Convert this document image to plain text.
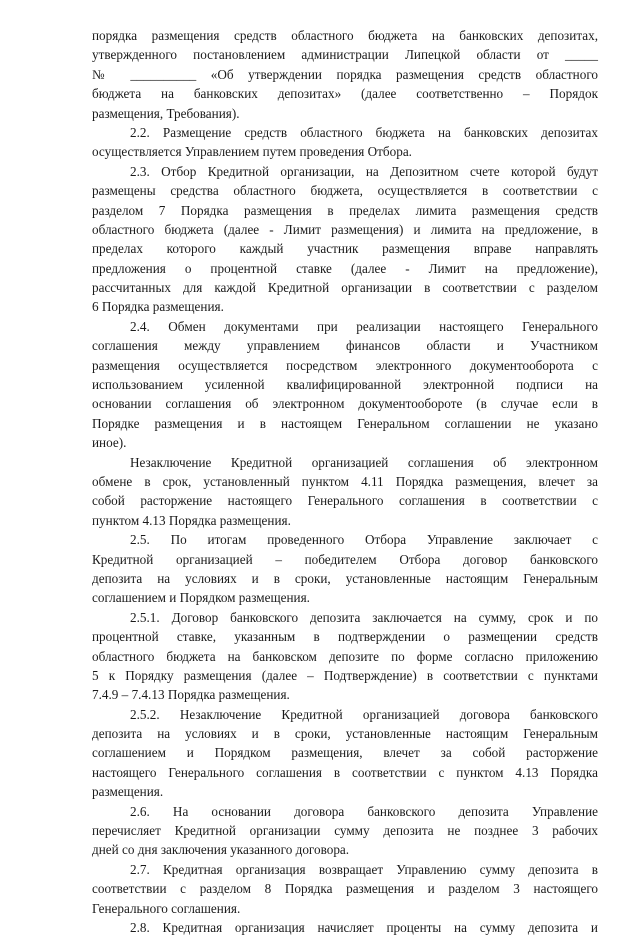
порядка размещения средств областного бюджета на банковских депозитах,
утвержденного постановлением администрации Липецкой области от _____
№ __________ «Об утверждении порядка размещения средств областного
бюджета на банковских депозитах» (далее соответственно – Порядок
размещения, Требования).
2.2. Размещение средств областного бюджета на банковских депозитах
осуществляется Управлением путем проведения Отбора.
2.3. Отбор Кредитной организации, на Депозитном счете которой будут
размещены средства областного бюджета, осуществляется в соответствии с
разделом 7 Порядка размещения в пределах лимита размещения средств
областного бюджета (далее - Лимит размещения) и лимита на предложение, в
пределах которого каждый участник размещения вправе направлять
предложения о процентной ставке (далее - Лимит на предложение),
рассчитанных для каждой Кредитной организации в соответствии с разделом
6 Порядка размещения.
2.4. Обмен документами при реализации настоящего Генерального
соглашения между управлением финансов области и Участником
размещения осуществляется посредством электронного документооборота с
использованием усиленной квалифицированной электронной подписи на
основании соглашения об электронном документообороте (в случае если в
Порядке размещения и в настоящем Генеральном соглашении не указано
иное).
Незаключение Кредитной организацией соглашения об электронном
обмене в срок, установленный пунктом 4.11 Порядка размещения, влечет за
собой расторжение настоящего Генерального соглашения в соответствии с
пунктом 4.13 Порядка размещения.
2.5. По итогам проведенного Отбора Управление заключает с
Кредитной организацией – победителем Отбора договор банковского
депозита на условиях и в сроки, установленные настоящим Генеральным
соглашением и Порядком размещения.
2.5.1. Договор банковского депозита заключается на сумму, срок и по
процентной ставке, указанным в подтверждении о размещении средств
областного бюджета на банковском депозите по форме согласно приложению
5 к Порядку размещения (далее – Подтверждение) в соответствии с пунктами
7.4.9 – 7.4.13 Порядка размещения.
2.5.2. Незаключение Кредитной организацией договора банковского
депозита на условиях и в сроки, установленные настоящим Генеральным
соглашением и Порядком размещения, влечет за собой расторжение
настоящего Генерального соглашения в соответствии с пунктом 4.13 Порядка
размещения.
2.6. На основании договора банковского депозита Управление
перечисляет Кредитной организации сумму депозита не позднее 3 рабочих
дней со дня заключения указанного договора.
2.7. Кредитная организация возвращает Управлению сумму депозита в
соответствии с разделом 8 Порядка размещения и разделом 3 настоящего
Генерального соглашения.
2.8. Кредитная организация начисляет проценты на сумму депозита и
